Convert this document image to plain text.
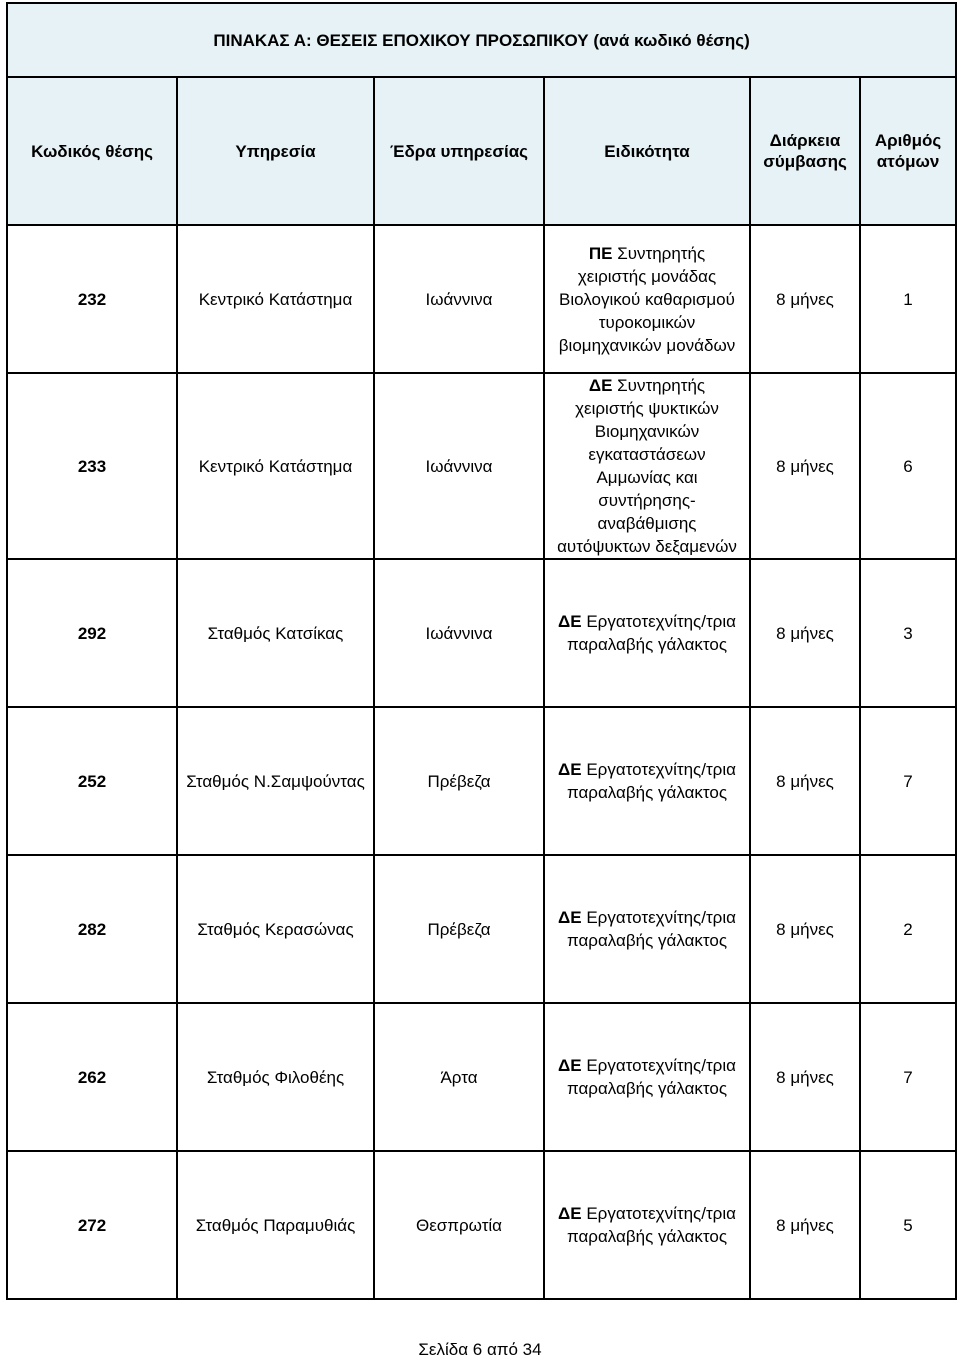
ΠΙΝΑΚΑΣ Α: ΘΕΣΕΙΣ ΕΠΟΧΙΚΟΥ ΠΡΟΣΩΠΙΚΟΥ (ανά κωδικό θέσης)					
Κωδικός θέσης	Υπηρεσία	Έδρα υπηρεσίας	Ειδικότητα	Διάρκεια σύμβασης	Αριθμός ατόμων
232	Κεντρικό Κατάστημα	Ιωάννινα	ΠΕ Συντηρητής χειριστής μονάδας Βιολογικού καθαρισμού τυροκομικών βιομηχανικών μονάδων	8 μήνες	1
233	Κεντρικό Κατάστημα	Ιωάννινα	ΔΕ Συντηρητής χειριστής ψυκτικών Βιομηχανικών εγκαταστάσεων Αμμωνίας και συντήρησης- αναβάθμισης αυτόψυκτων δεξαμενών	8 μήνες	6
292	Σταθμός Κατσίκας	Ιωάννινα	ΔΕ Εργατοτεχνίτης/τρια παραλαβής γάλακτος	8 μήνες	3
252	Σταθμός Ν.Σαμψούντας	Πρέβεζα	ΔΕ Εργατοτεχνίτης/τρια παραλαβής γάλακτος	8 μήνες	7
282	Σταθμός Κερασώνας	Πρέβεζα	ΔΕ Εργατοτεχνίτης/τρια παραλαβής γάλακτος	8 μήνες	2
262	Σταθμός Φιλοθέης	Άρτα	ΔΕ Εργατοτεχνίτης/τρια παραλαβής γάλακτος	8 μήνες	7
272	Σταθμός Παραμυθιάς	Θεσπρωτία	ΔΕ Εργατοτεχνίτης/τρια παραλαβής γάλακτος	8 μήνες	5
Σελίδα 6 από 34
